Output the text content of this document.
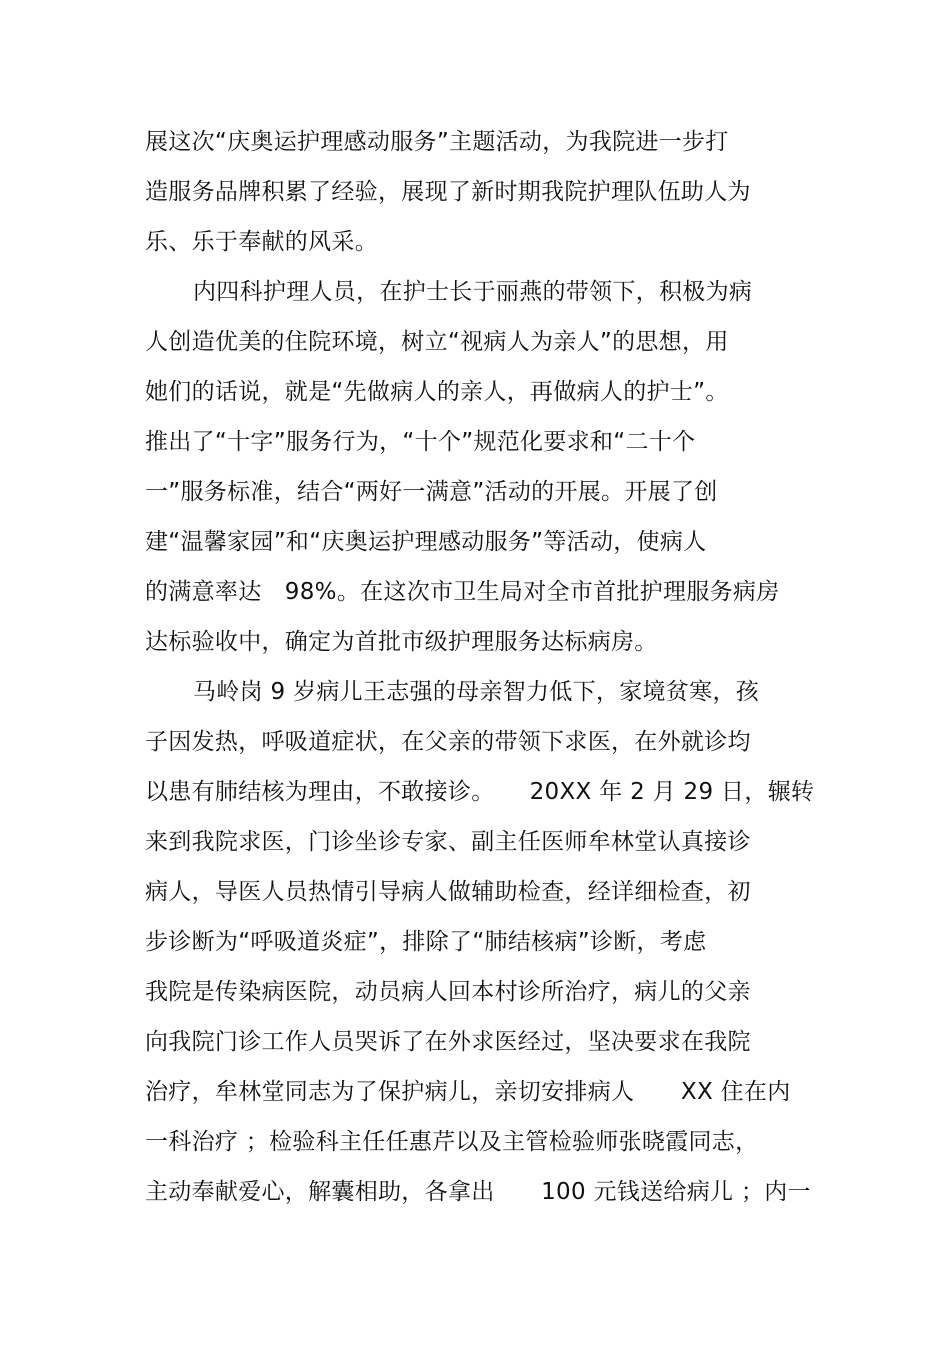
展这次“庆奥运护理感动服务”主题活动，为我院进一步打
造服务品牌积累了经验，展现了新时期我院护理队伍助人为
乐、乐于奉献的风采。
内四科护理人员，在护士长于丽燕的带领下，积极为病
人创造优美的住院环境，树立“视病人为亲人”的思想，用
她们的话说，就是“先做病人的亲人，再做病人的护士”。
推出了“十字”服务行为，“十个”规范化要求和“二十个
一”服务标准，结合“两好一满意”活动的开展。开展了创
建“温馨家园”和“庆奥运护理感动服务”等活动，使病人
的满意率达　98%。在这次市卫生局对全市首批护理服务病房
达标验收中，确定为首批市级护理服务达标病房。
马岭岗 9 岁病儿王志强的母亲智力低下，家境贫寒，孩
子因发热，呼吸道症状，在父亲的带领下求医，在外就诊均
以患有肺结核为理由，不敢接诊。　　20XX 年 2 月 29 日，辗转
来到我院求医，门诊坐诊专家、副主任医师牟林堂认真接诊
病人，导医人员热情引导病人做辅助检查，经详细检查，初
步诊断为“呼吸道炎症”，排除了“肺结核病”诊断，考虑
我院是传染病医院，动员病人回本村诊所治疗，病儿的父亲
向我院门诊工作人员哭诉了在外求医经过，坚决要求在我院
治疗，牟林堂同志为了保护病儿，亲切安排病人　　XX 住在内
一科治疗 ；检验科主任任惠芹以及主管检验师张晓霞同志，
主动奉献爱心，解囊相助，各拿出　　100 元钱送给病儿 ；内一
